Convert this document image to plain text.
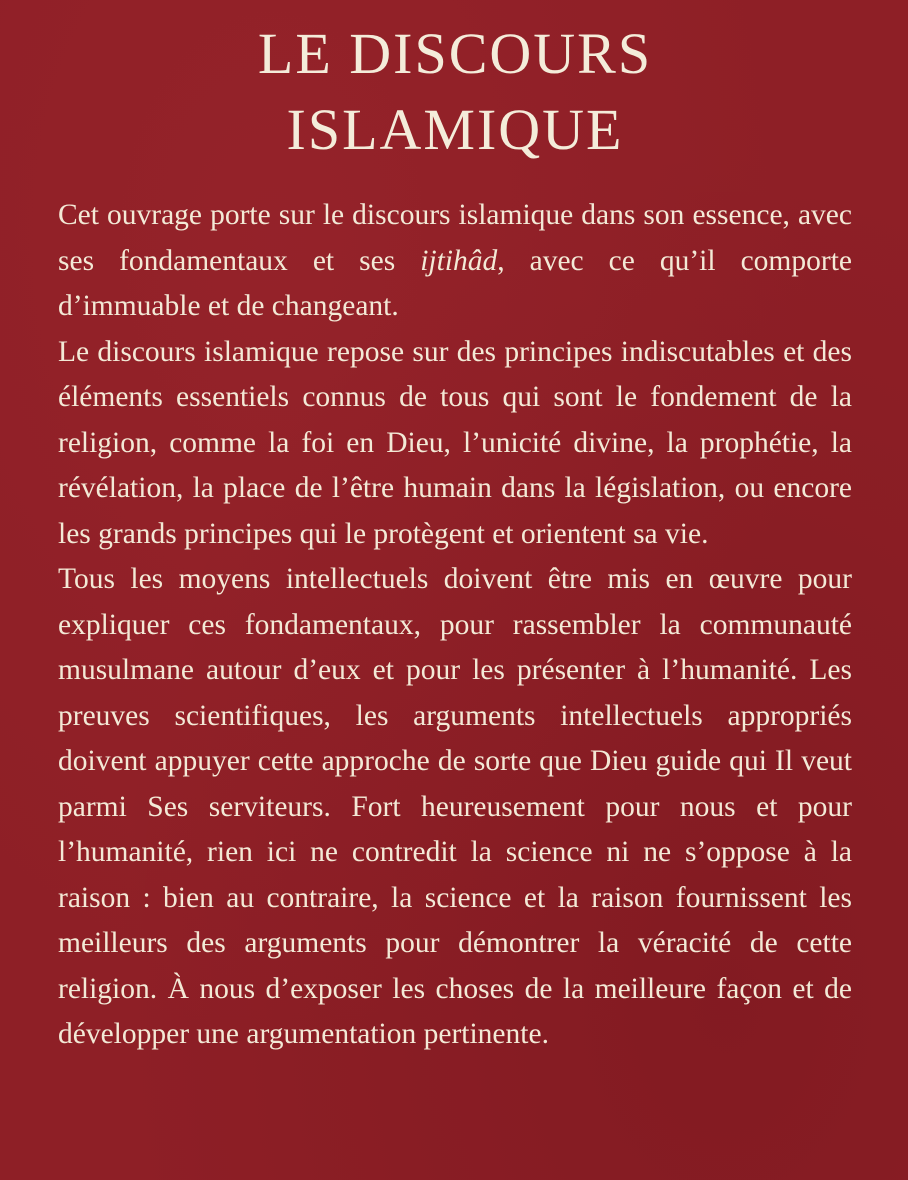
LE DISCOURS
ISLAMIQUE

Cet ouvrage porte sur le discours islamique dans son essence, avec ses fondamentaux et ses ijtihâd, avec ce qu’il comporte d’immuable et de changeant.

Le discours islamique repose sur des principes indiscutables et des éléments essentiels connus de tous qui sont le fondement de la religion, comme la foi en Dieu, l’unicité divine, la prophétie, la révélation, la place de l’être humain dans la législation, ou encore les grands principes qui le protègent et orientent sa vie.

Tous les moyens intellectuels doivent être mis en œuvre pour expliquer ces fondamentaux, pour rassembler la communauté musulmane autour d’eux et pour les présenter à l’humanité. Les preuves scientifiques, les arguments intellectuels appropriés doivent appuyer cette approche de sorte que Dieu guide qui Il veut parmi Ses serviteurs. Fort heureusement pour nous et pour l’humanité, rien ici ne contredit la science ni ne s’oppose à la raison : bien au contraire, la science et la raison fournissent les meilleurs des arguments pour démontrer la véracité de cette religion. À nous d’exposer les choses de la meilleure façon et de développer une argumentation pertinente.
